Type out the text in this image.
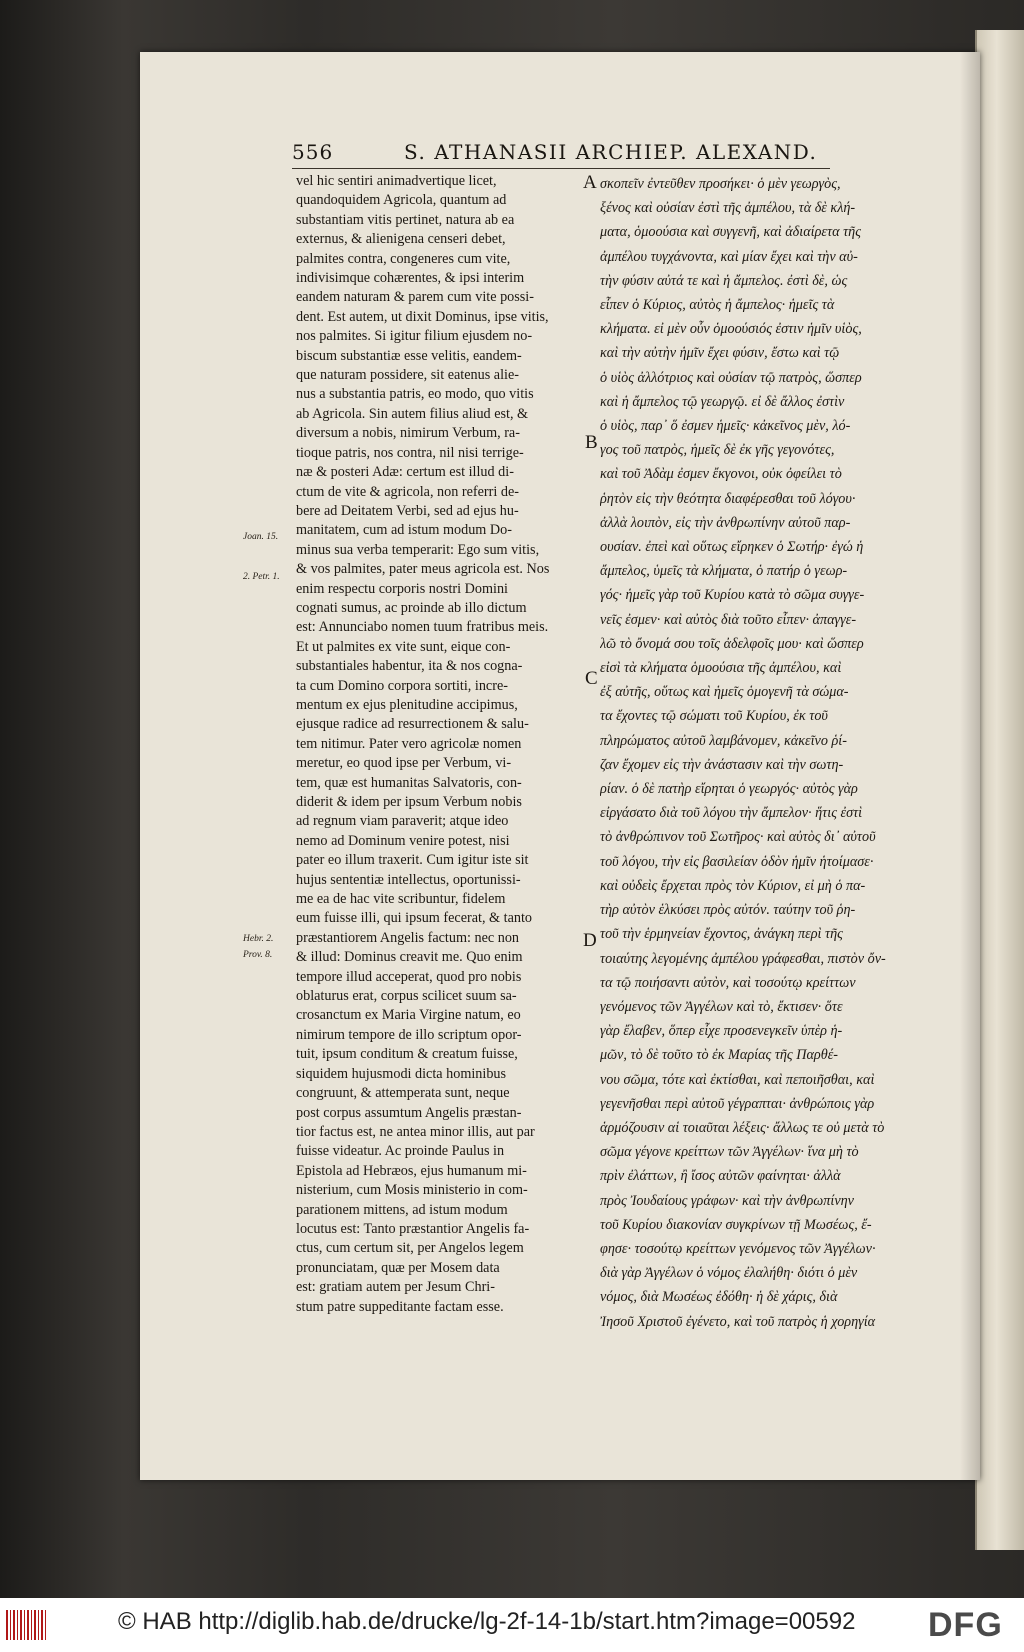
556	S. ATHANASII ARCHIEP. ALEXAND.
vel hic sentiri animadvertique licet,
quandoquidem Agricola, quantum ad
substantiam vitis pertinet, natura ab ea
externus, & alienigena censeri debet,
palmites contra, congeneres cum vite,
indivisimque cohærentes, & ipsi interim
eandem naturam & parem cum vite possi-
dent. Est autem, ut dixit Dominus, ipse vitis,
nos palmites. Si igitur filium ejusdem no-
biscum substantiæ esse velitis, eandem-
que naturam possidere, sit eatenus alie-
nus a substantia patris, eo modo, quo vitis
ab Agricola. Sin autem filius aliud est, &
diversum a nobis, nimirum Verbum, ra-
tioque patris, nos contra, nil nisi terrige-
næ & posteri Adæ: certum est illud di-
ctum de vite & agricola, non referri de-
bere ad Deitatem Verbi, sed ad ejus hu-
manitatem, cum ad istum modum Do-
minus sua verba temperarit: Ego sum vitis,
& vos palmites, pater meus agricola est. Nos
enim respectu corporis nostri Domini
cognati sumus, ac proinde ab illo dictum
est: Annunciabo nomen tuum fratribus meis.
Et ut palmites ex vite sunt, eique con-
substantiales habentur, ita & nos cogna-
ta cum Domino corpora sortiti, incre-
mentum ex ejus plenitudine accipimus,
ejusque radice ad resurrectionem & salu-
tem nitimur. Pater vero agricolæ nomen
meretur, eo quod ipse per Verbum, vi-
tem, quæ est humanitas Salvatoris, con-
diderit & idem per ipsum Verbum nobis
ad regnum viam paraverit; atque ideo
nemo ad Dominum venire potest, nisi
pater eo illum traxerit. Cum igitur iste sit
hujus sententiæ intellectus, oportunissi-
me ea de hac vite scribuntur, fidelem
eum fuisse illi, qui ipsum fecerat, & tanto
præstantiorem Angelis factum: nec non
& illud: Dominus creavit me. Quo enim
tempore illud acceperat, quod pro nobis
oblaturus erat, corpus scilicet suum sa-
crosanctum ex Maria Virgine natum, eo
nimirum tempore de illo scriptum opor-
tuit, ipsum conditum & creatum fuisse,
siquidem hujusmodi dicta hominibus
congruunt, & attemperata sunt, neque
post corpus assumtum Angelis præstan-
tior factus est, ne antea minor illis, aut par
fuisse videatur. Ac proinde Paulus in
Epistola ad Hebræos, ejus humanum mi-
nisterium, cum Mosis ministerio in com-
parationem mittens, ad istum modum
locutus est: Tanto præstantior Angelis fa-
ctus, cum certum sit, per Angelos legem
pronunciatam, quæ per Mosem data
est: gratiam autem per Jesum Chri-
stum patre suppeditante factam esse.
σκοπεῖν ἐντεῦθεν προσήκει· ὁ μὲν γεωργὸς,
ξένος καὶ οὐσίαν ἐστὶ τῆς ἀμπέλου, τὰ δὲ κλή-
ματα, ὁμοούσια καὶ συγγενῆ, καὶ ἀδιαίρετα τῆς
ἀμπέλου τυγχάνοντα, καὶ μίαν ἔχει καὶ τὴν αὐ-
τὴν φύσιν αὐτά τε καὶ ἡ ἄμπελος. ἐστὶ δὲ, ὡς
εἶπεν ὁ Κύριος, αὐτὸς ἡ ἄμπελος· ἡμεῖς τὰ
κλήματα. εἰ μὲν οὖν ὁμοούσιός ἐστιν ἡμῖν υἱὸς,
καὶ τὴν αὐτὴν ἡμῖν ἔχει φύσιν, ἔστω καὶ τῷ
ὁ υἱὸς ἀλλότριος καὶ οὐσίαν τῷ πατρὸς, ὥσπερ
καὶ ἡ ἄμπελος τῷ γεωργῷ. εἰ δὲ ἄλλος ἐστὶν
ὁ υἱὸς, παρ᾽ ὅ ἐσμεν ἡμεῖς· κἀκεῖνος μὲν, λό-
γος τοῦ πατρὸς, ἡμεῖς δὲ ἐκ γῆς γεγονότες,
καὶ τοῦ Ἀδὰμ ἐσμεν ἔκγονοι, οὐκ ὀφείλει τὸ
ῥητὸν εἰς τὴν θεότητα διαφέρεσθαι τοῦ λόγου·
ἀλλὰ λοιπὸν, εἰς τὴν ἀνθρωπίνην αὐτοῦ παρ-
ουσίαν. ἐπεὶ καὶ οὕτως εἴρηκεν ὁ Σωτήρ· ἐγώ ἡ
ἄμπελος, ὑμεῖς τὰ κλήματα, ὁ πατήρ ὁ γεωρ-
γός· ἡμεῖς γὰρ τοῦ Κυρίου κατὰ τὸ σῶμα συγγε-
νεῖς ἐσμεν· καὶ αὐτὸς διὰ τοῦτο εἶπεν· ἀπαγγε-
λῶ τὸ ὄνομά σου τοῖς ἀδελφοῖς μου· καὶ ὥσπερ
εἰσὶ τὰ κλήματα ὁμοούσια τῆς ἀμπέλου, καὶ
ἐξ αὐτῆς, οὕτως καὶ ἡμεῖς ὁμογενῆ τὰ σώμα-
τα ἔχοντες τῷ σώματι τοῦ Κυρίου, ἐκ τοῦ
πληρώματος αὐτοῦ λαμβάνομεν, κἀκεῖνο ῥί-
ζαν ἔχομεν εἰς τὴν ἀνάστασιν καὶ τὴν σωτη-
ρίαν. ὁ δὲ πατὴρ εἴρηται ὁ γεωργός· αὐτὸς γὰρ
εἰργάσατο διὰ τοῦ λόγου τὴν ἄμπελον· ἥτις ἐστὶ
τὸ ἀνθρώπινον τοῦ Σωτῆρος· καὶ αὐτὸς δι᾽ αὐτοῦ
τοῦ λόγου, τὴν εἰς βασιλείαν ὁδὸν ἡμῖν ἡτοίμασε·
καὶ οὐδεὶς ἔρχεται πρὸς τὸν Κύριον, εἰ μὴ ὁ πα-
τὴρ αὐτὸν ἑλκύσει πρὸς αὐτόν. ταύτην τοῦ ῥη-
τοῦ τὴν ἑρμηνείαν ἔχοντος, ἀνάγκη περὶ τῆς
τοιαύτης λεγομένης ἀμπέλου γράφεσθαι, πιστὸν ὄν-
τα τῷ ποιήσαντι αὐτὸν, καὶ τοσούτῳ κρείττων
γενόμενος τῶν Ἀγγέλων καὶ τὸ, ἔκτισεν· ὅτε
γὰρ ἔλαβεν, ὅπερ εἶχε προσενεγκεῖν ὑπὲρ ἡ-
μῶν, τὸ δὲ τοῦτο τὸ ἐκ Μαρίας τῆς Παρθέ-
νου σῶμα, τότε καὶ ἐκτίσθαι, καὶ πεποιῆσθαι, καὶ
γεγενῆσθαι περὶ αὐτοῦ γέγραπται· ἀνθρώποις γὰρ
ἁρμόζουσιν αἱ τοιαῦται λέξεις· ἄλλως τε οὐ μετὰ τὸ
σῶμα γέγονε κρείττων τῶν Ἀγγέλων· ἵνα μὴ τὸ
πρὶν ἐλάττων, ἢ ἴσος αὐτῶν φαίνηται· ἀλλὰ
πρὸς Ἰουδαίους γράφων· καὶ τὴν ἀνθρωπίνην
τοῦ Κυρίου διακονίαν συγκρίνων τῇ Μωσέως, ἔ-
φησε· τοσούτῳ κρείττων γενόμενος τῶν Ἀγγέλων·
διὰ γὰρ Ἀγγέλων ὁ νόμος ἐλαλήθη· διότι ὁ μὲν
νόμος, διὰ Μωσέως ἐδόθη· ἡ δὲ χάρις, διὰ
Ἰησοῦ Χριστοῦ ἐγένετο, καὶ τοῦ πατρὸς ἡ χορηγία
Joan. 15.
2. Petr. 1.
Hebr. 2.
Prov. 8.
A
B
C
D
© HAB http://diglib.hab.de/drucke/lg-2f-14-1b/start.htm?image=00592 DFG
